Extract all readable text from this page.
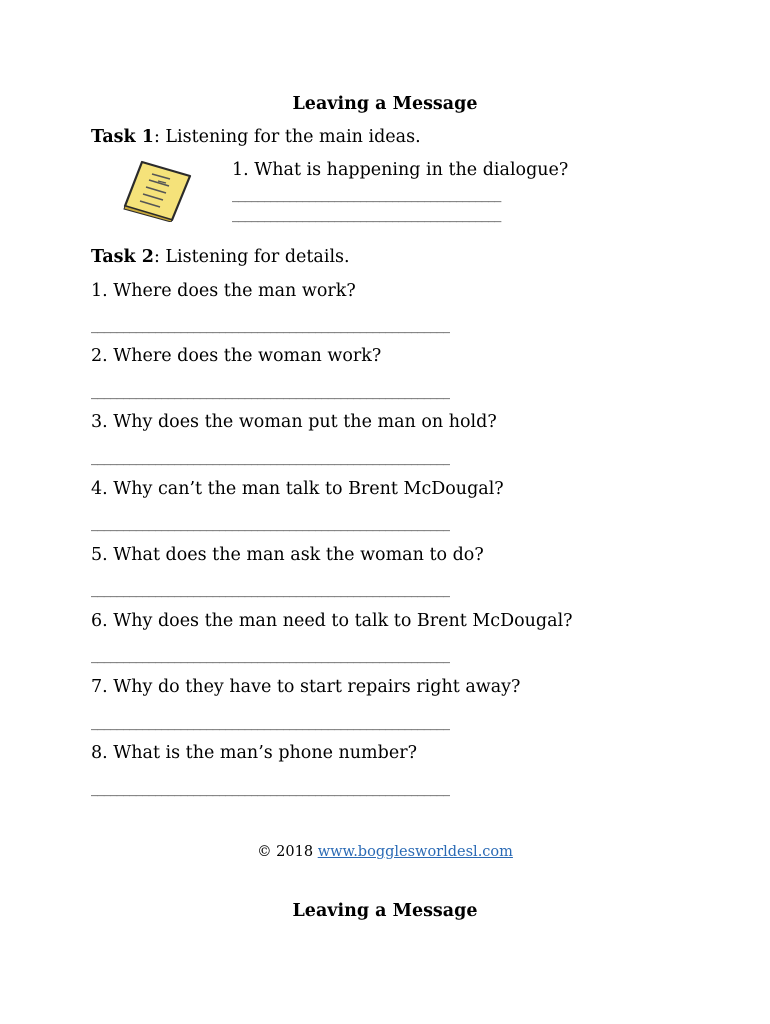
Leaving a Message
Task 1: Listening for the main ideas.
1. What is happening in the dialogue?
__________________________________________
__________________________________________
Task 2: Listening for details.
1. Where does the man work?
________________________________________________________
2. Where does the woman work?
________________________________________________________
3. Why does the woman put the man on hold?
________________________________________________________
4. Why can’t the man talk to Brent McDougal?
________________________________________________________
5. What does the man ask the woman to do?
________________________________________________________
6. Why does the man need to talk to Brent McDougal?
________________________________________________________
7. Why do they have to start repairs right away?
________________________________________________________
8. What is the man’s phone number?
________________________________________________________
© 2018 www.bogglesworldesl.com
Leaving a Message
